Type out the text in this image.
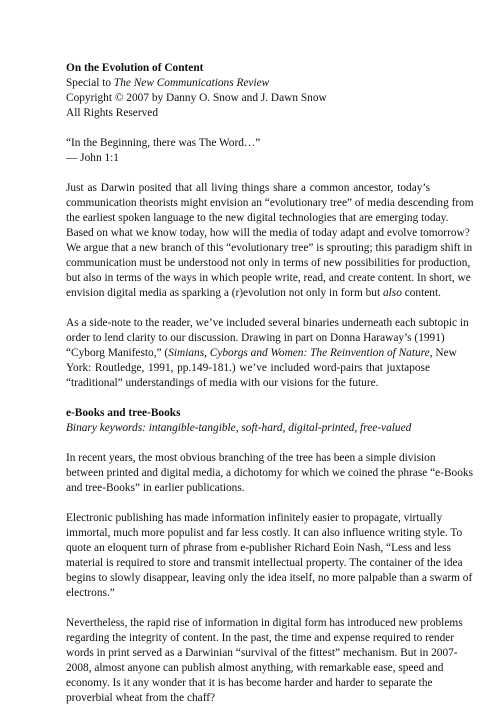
On the Evolution of Content
Special to The New Communications Review
Copyright © 2007 by Danny O. Snow and J. Dawn Snow
All Rights Reserved
“In the Beginning, there was The Word…”
— John 1:1
Just as Darwin posited that all living things share a common ancestor, today’s
communication theorists might envision an “evolutionary tree” of media descending from
the earliest spoken language to the new digital technologies that are emerging today.
Based on what we know today, how will the media of today adapt and evolve tomorrow?
We argue that a new branch of this “evolutionary tree” is sprouting; this paradigm shift in
communication must be understood not only in terms of new possibilities for production,
but also in terms of the ways in which people write, read, and create content. In short, we
envision digital media as sparking a (r)evolution not only in form but also content.
As a side-note to the reader, we’ve included several binaries underneath each subtopic in
order to lend clarity to our discussion. Drawing in part on Donna Haraway’s (1991)
“Cyborg Manifesto,” (Simians, Cyborgs and Women: The Reinvention of Nature, New
York: Routledge, 1991, pp.149-181.) we’ve included word-pairs that juxtapose
“traditional” understandings of media with our visions for the future.
e-Books and tree-Books
Binary keywords: intangible-tangible, soft-hard, digital-printed, free-valued
In recent years, the most obvious branching of the tree has been a simple division
between printed and digital media, a dichotomy for which we coined the phrase “e-Books
and tree-Books” in earlier publications.
Electronic publishing has made information infinitely easier to propagate, virtually
immortal, much more populist and far less costly. It can also influence writing style. To
quote an eloquent turn of phrase from e-publisher Richard Eoin Nash, “Less and less
material is required to store and transmit intellectual property. The container of the idea
begins to slowly disappear, leaving only the idea itself, no more palpable than a swarm of
electrons.”
Nevertheless, the rapid rise of information in digital form has introduced new problems
regarding the integrity of content. In the past, the time and expense required to render
words in print served as a Darwinian “survival of the fittest” mechanism. But in 2007-
2008, almost anyone can publish almost anything, with remarkable ease, speed and
economy. Is it any wonder that it is has become harder and harder to separate the
proverbial wheat from the chaff?
